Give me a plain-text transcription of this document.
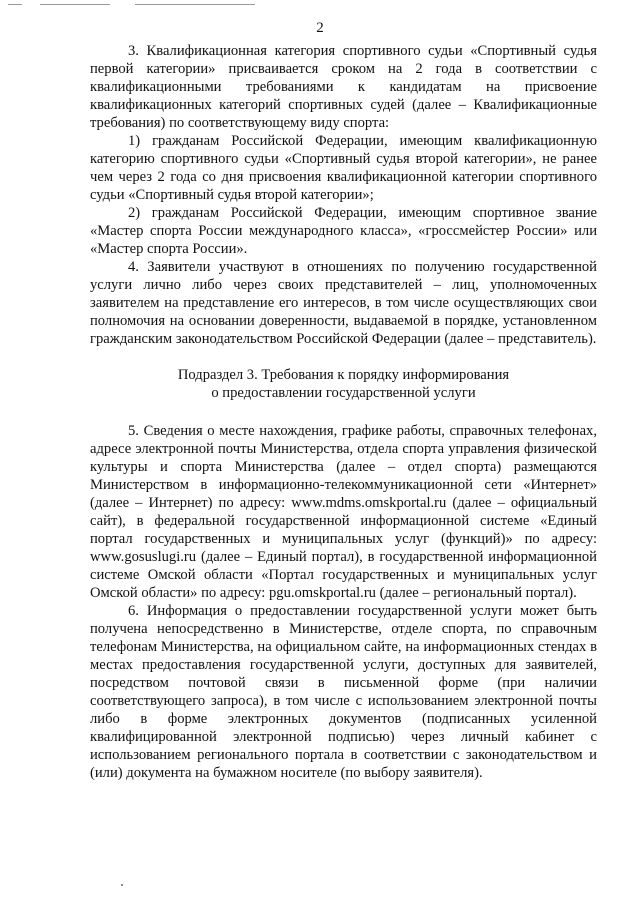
2

3. Квалификационная категория спортивного судьи «Спортивный судья первой категории» присваивается сроком на 2 года в соответствии с квалификационными требованиями к кандидатам на присвоение квалификационных категорий спортивных судей (далее – Квалификационные требования) по соответствующему виду спорта:

1) гражданам Российской Федерации, имеющим квалификационную категорию спортивного судьи «Спортивный судья второй категории», не ранее чем через 2 года со дня присвоения квалификационной категории спортивного судьи «Спортивный судья второй категории»;

2) гражданам Российской Федерации, имеющим спортивное звание «Мастер спорта России международного класса», «гроссмейстер России» или «Мастер спорта России».

4. Заявители участвуют в отношениях по получению государственной услуги лично либо через своих представителей – лиц, уполномоченных заявителем на представление его интересов, в том числе осуществляющих свои полномочия на основании доверенности, выдаваемой в порядке, установленном гражданским законодательством Российской Федерации (далее – представитель).

Подраздел 3. Требования к порядку информирования
о предоставлении государственной услуги

5. Сведения о месте нахождения, графике работы, справочных телефонах, адресе электронной почты Министерства, отдела спорта управления физической культуры и спорта Министерства (далее – отдел спорта) размещаются Министерством в информационно-телекоммуникационной сети «Интернет» (далее – Интернет) по адресу: www.mdms.omskportal.ru (далее – официальный сайт), в федеральной государственной информационной системе «Единый портал государственных и муниципальных услуг (функций)» по адресу: www.gosuslugi.ru (далее – Единый портал), в государственной информационной системе Омской области «Портал государственных и муниципальных услуг Омской области» по адресу: pgu.omskportal.ru (далее – региональный портал).

6. Информация о предоставлении государственной услуги может быть получена непосредственно в Министерстве, отделе спорта, по справочным телефонам Министерства, на официальном сайте, на информационных стендах в местах предоставления государственной услуги, доступных для заявителей, посредством почтовой связи в письменной форме (при наличии соответствующего запроса), в том числе с использованием электронной почты либо в форме электронных документов (подписанных усиленной квалифицированной электронной подписью) через личный кабинет с использованием регионального портала в соответствии с законодательством и (или) документа на бумажном носителе (по выбору заявителя).
